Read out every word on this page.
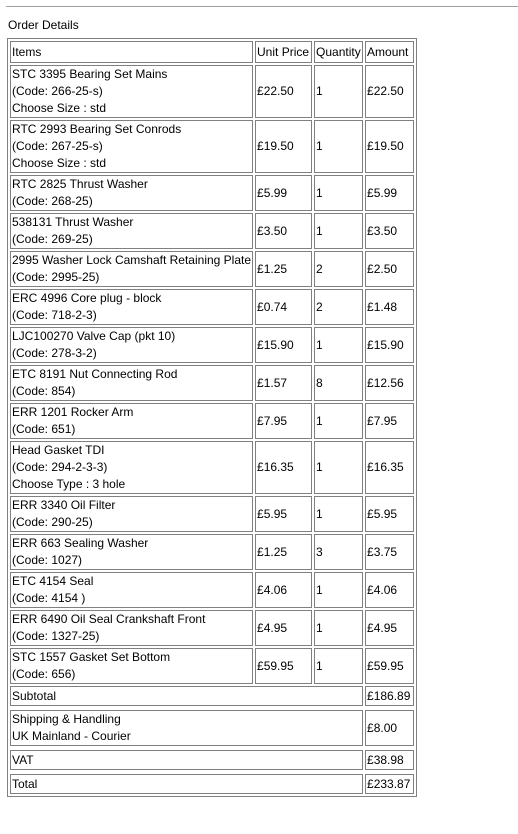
Order Details
Items	Unit Price	Quantity	Amount

STC 3395 Bearing Set Mains
(Code: 266-25-s)
Choose Size : std	£22.50	1	£22.50

RTC 2993 Bearing Set Conrods
(Code: 267-25-s)
Choose Size : std	£19.50	1	£19.50

RTC 2825 Thrust Washer
(Code: 268-25)	£5.99	1	£5.99

538131 Thrust Washer
(Code: 269-25)	£3.50	1	£3.50

2995 Washer Lock Camshaft Retaining Plate
(Code: 2995-25)	£1.25	2	£2.50

ERC 4996 Core plug - block
(Code: 718-2-3)	£0.74	2	£1.48

LJC100270 Valve Cap (pkt 10)
(Code: 278-3-2)	£15.90	1	£15.90

ETC 8191 Nut Connecting Rod
(Code: 854)	£1.57	8	£12.56

ERR 1201 Rocker Arm
(Code: 651)	£7.95	1	£7.95

Head Gasket TDI
(Code: 294-2-3-3)
Choose Type : 3 hole	£16.35	1	£16.35

ERR 3340 Oil Filter
(Code: 290-25)	£5.95	1	£5.95

ERR 663 Sealing Washer
(Code: 1027)	£1.25	3	£3.75

ETC 4154 Seal
(Code: 4154 )	£4.06	1	£4.06

ERR 6490 Oil Seal Crankshaft Front
(Code: 1327-25)	£4.95	1	£4.95

STC 1557 Gasket Set Bottom
(Code: 656)	£59.95	1	£59.95
Subtotal			£186.89

Shipping & Handling
UK Mainland - Courier			£8.00

VAT			£38.98

Total			£233.87
